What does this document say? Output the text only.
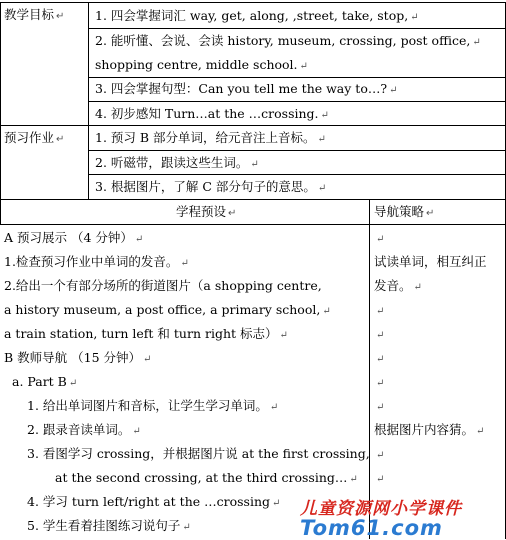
教学目标 ↵ 1. 四会掌握词汇 way, get, along, ,street, take, stop, ↵
2. 能听懂、会说、会读 history, museum, crossing, post office, ↵
shopping centre, middle school. ↵
3. 四会掌握句型：Can you tell me the way to…? ↵
4. 初步感知 Turn…at the …crossing. ↵
预习作业 ↵ 1. 预习 B 部分单词，给元音注上音标。 ↵
2. 听磁带，跟读这些生词。 ↵
3. 根据图片，了解 C 部分句子的意思。 ↵
学程预设 ↵	导航策略 ↵
A 预习展示 （4 分钟） ↵
1.检查预习作业中单词的发音。 ↵
2.给出一个有部分场所的街道图片（a shopping centre,
a history museum, a post office, a primary school, ↵
a train station, turn left 和 turn right 标志） ↵
B 教师导航 （15 分钟） ↵
a. Part B ↵
1. 给出单词图片和音标，让学生学习单词。 ↵
2. 跟录音读单词。 ↵
3. 看图学习 crossing，并根据图片说 at the first crossing,
at the second crossing, at the third crossing… ↵
4. 学习 turn left/right at the …crossing ↵
5. 学生看着挂图练习说句子 ↵
↵
试读单词，相互纠正
发音。 ↵
↵
↵
↵
↵
↵
根据图片内容猜。 ↵
↵
↵
儿童资源网小学课件
Tom61.com
